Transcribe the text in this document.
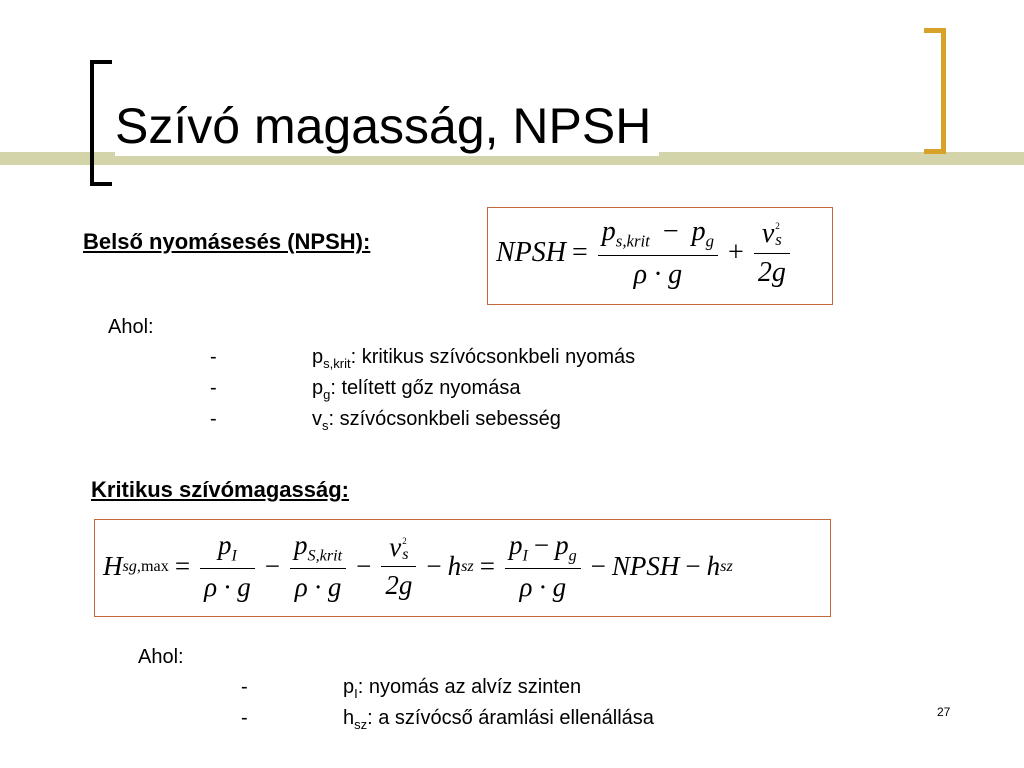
Szívó magasság, NPSH
Belső nyomásesés (NPSH):	NPSH = $\frac{p_{s,krit} - p_g}{\rho \cdot g} + v$ 2
s
2g
Ahol:
-	$p_{s,krit}$: kritikus szívócsonkbeli nyomás
-	$p_g$: telített gőz nyomása
-	$v_s$: szívócsonkbeli sebesség
Kritikus szívómagasság:
H sg $,\max = \frac{p_I}{\rho \cdot g} - \frac{p_{S,krit}}{\rho \cdot g} - v$ 2
s
2g − h sz = $\frac{p_I - p_g}{\rho \cdot g}$ − NPSH − h sz
Ahol:
-	$p_I$: nyomás az alvíz szinten
-	$h_{sz}$: a szívócső áramlási ellenállása	27
